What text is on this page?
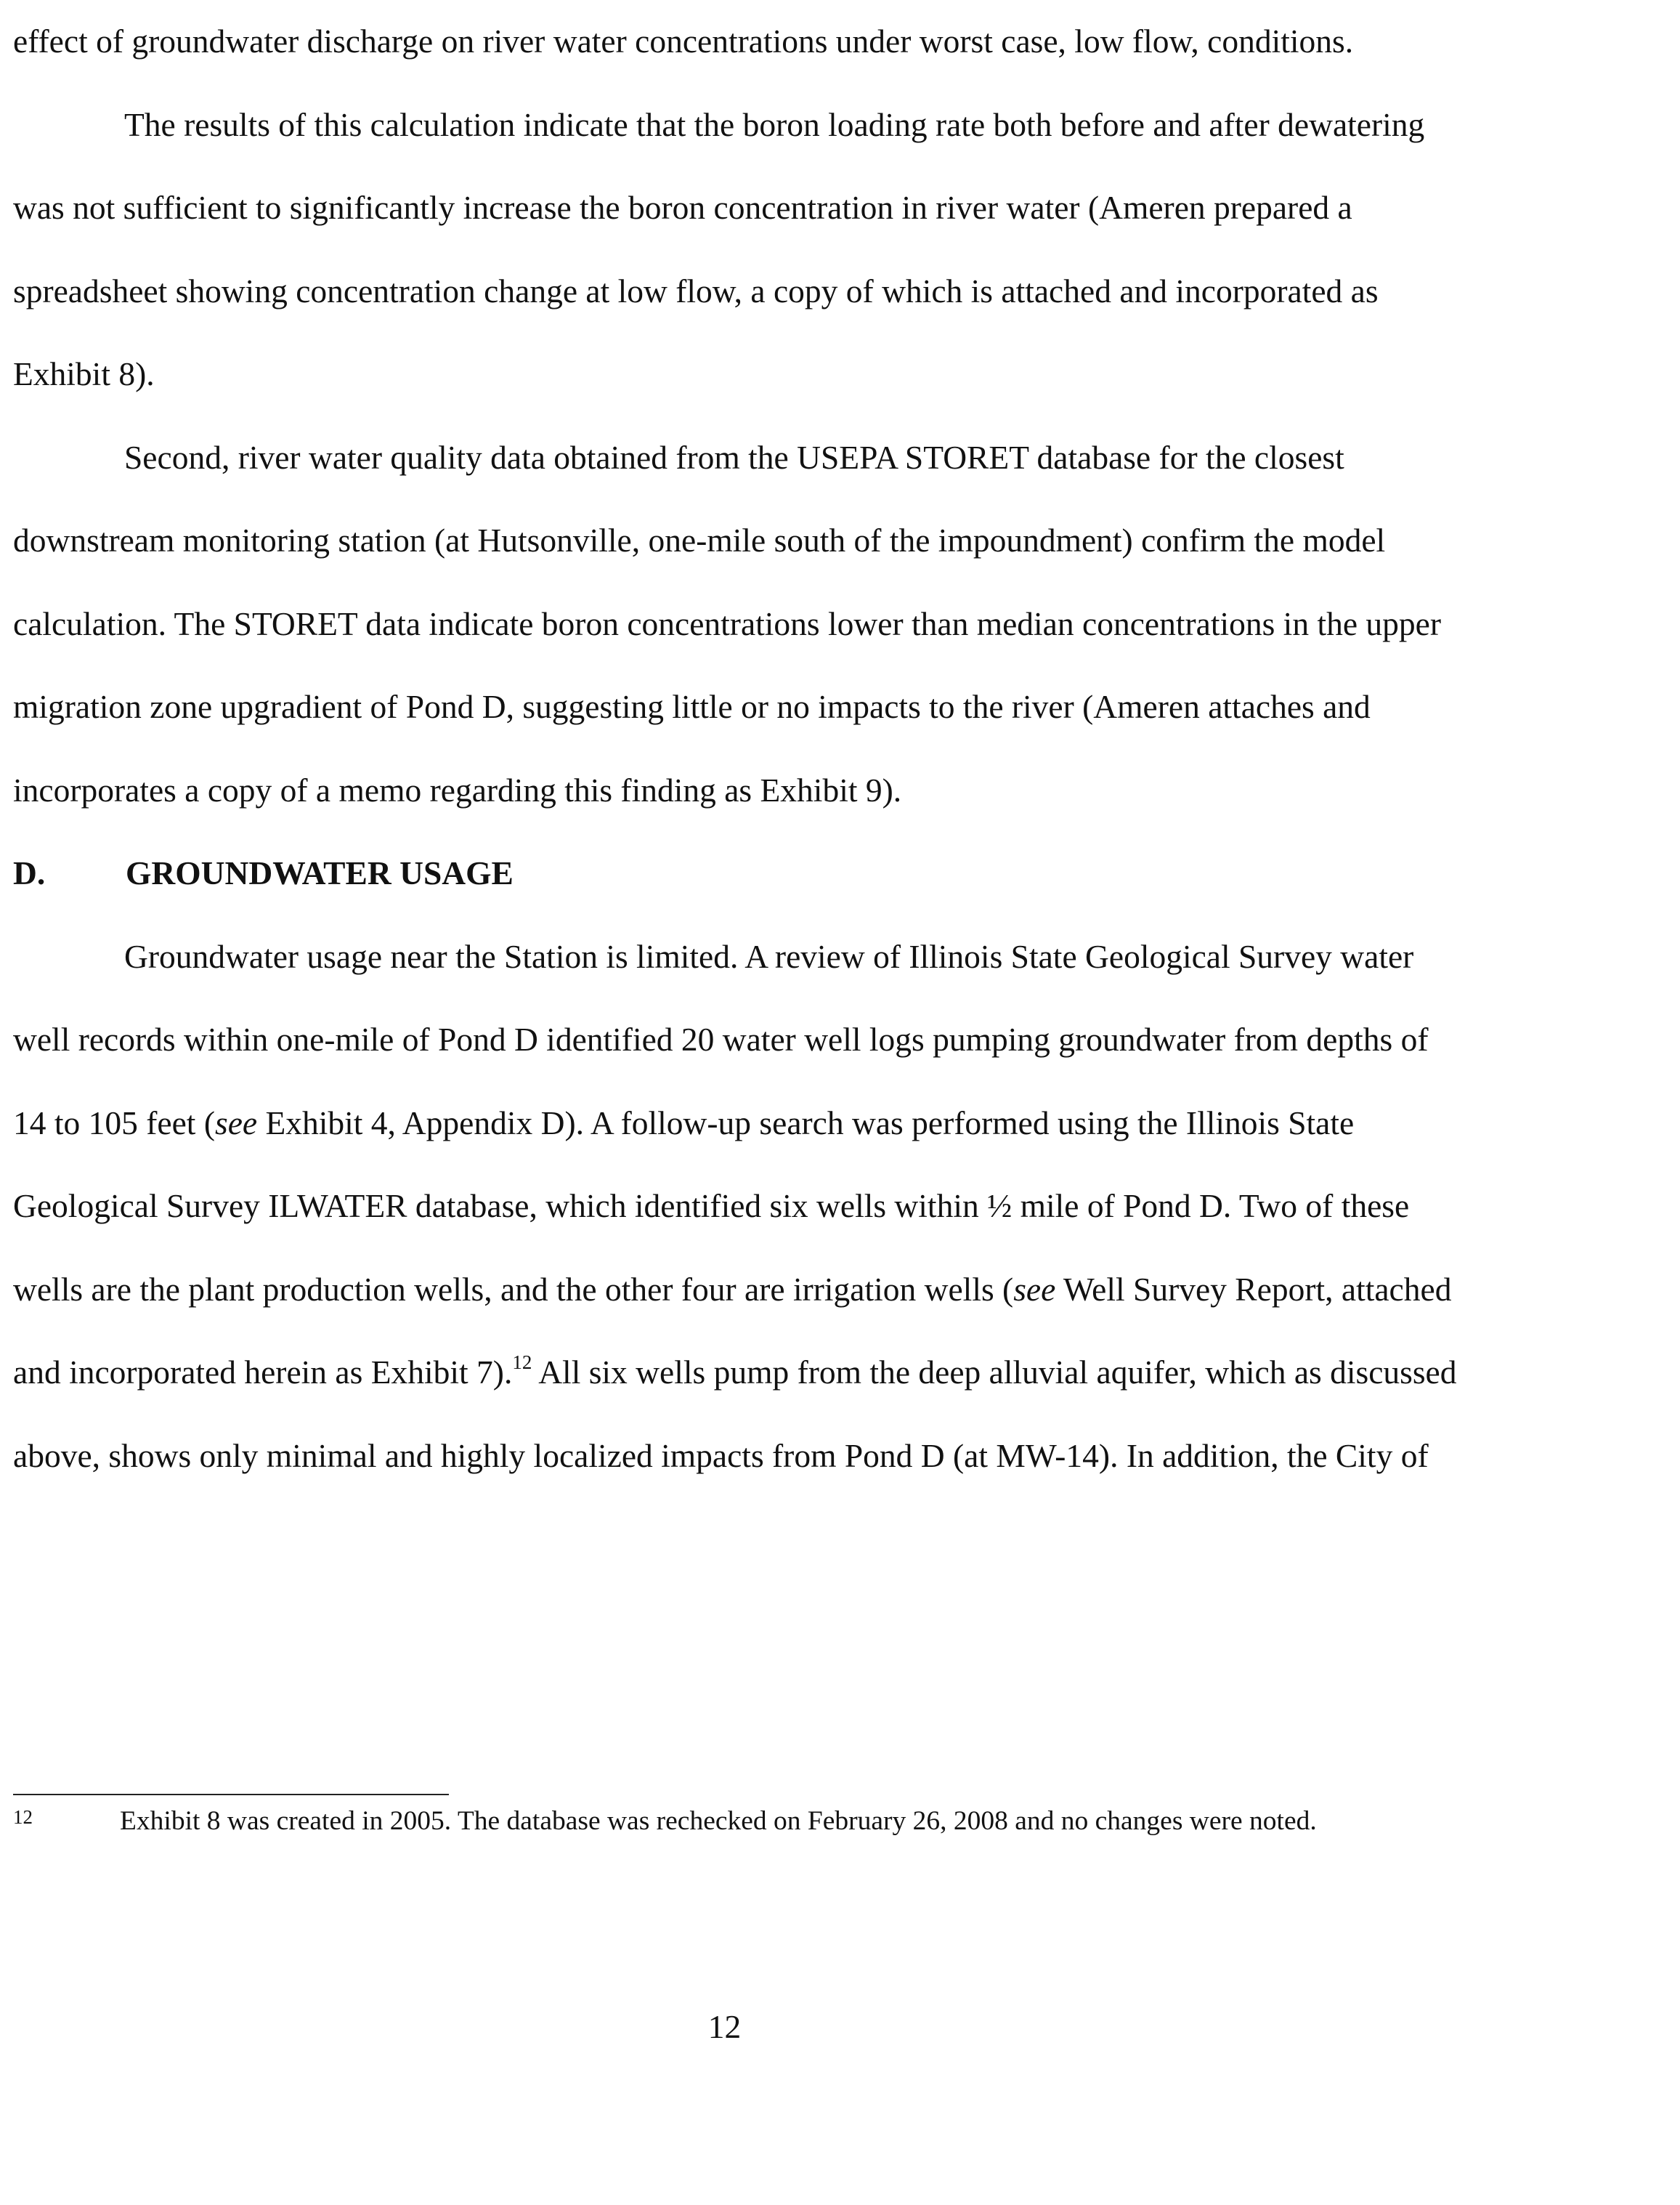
effect of groundwater discharge on river water concentrations under worst case, low flow, conditions.

The results of this calculation indicate that the boron loading rate both before and after dewatering was not sufficient to significantly increase the boron concentration in river water (Ameren prepared a spreadsheet showing concentration change at low flow, a copy of which is attached and incorporated as Exhibit 8).

Second, river water quality data obtained from the USEPA STORET database for the closest downstream monitoring station (at Hutsonville, one-mile south of the impoundment) confirm the model calculation. The STORET data indicate boron concentrations lower than median concentrations in the upper migration zone upgradient of Pond D, suggesting little or no impacts to the river (Ameren attaches and incorporates a copy of a memo regarding this finding as Exhibit 9).

D. GROUNDWATER USAGE

Groundwater usage near the Station is limited. A review of Illinois State Geological Survey water well records within one-mile of Pond D identified 20 water well logs pumping groundwater from depths of 14 to 105 feet (see Exhibit 4, Appendix D). A follow-up search was performed using the Illinois State Geological Survey ILWATER database, which identified six wells within ½ mile of Pond D. Two of these wells are the plant production wells, and the other four are irrigation wells (see Well Survey Report, attached and incorporated herein as Exhibit 7).$^{12}$ All six wells pump from the deep alluvial aquifer, which as discussed above, shows only minimal and highly localized impacts from Pond D (at MW-14). In addition, the City of

12	Exhibit 8 was created in 2005. The database was rechecked on February 26, 2008 and no changes were noted.
12
